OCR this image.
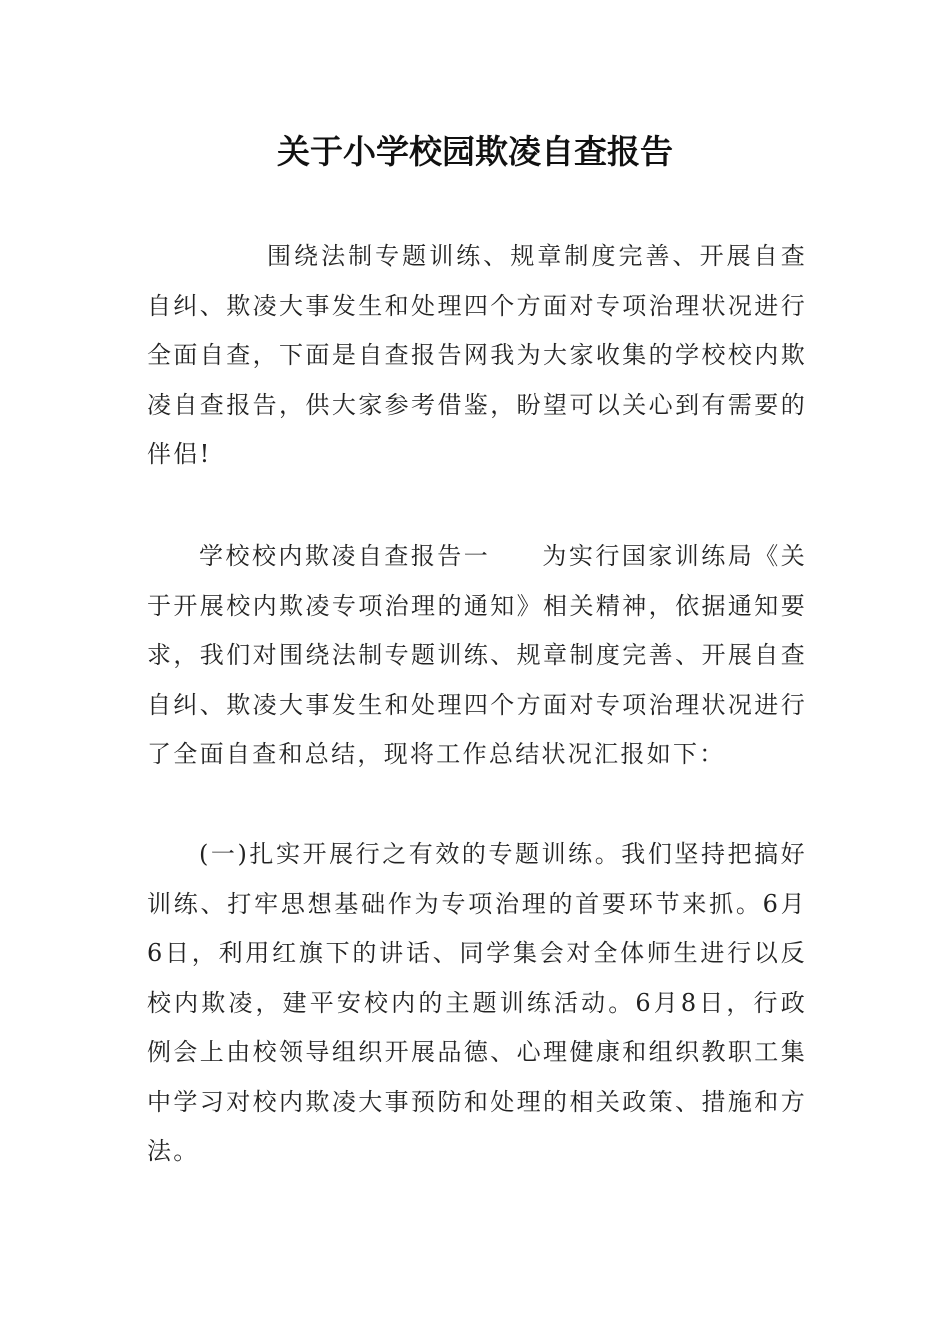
关于小学校园欺凌自查报告

围绕法制专题训练、规章制度完善、开展自查自纠、欺凌大事发生和处理四个方面对专项治理状况进行全面自查，下面是自查报告网我为大家收集的学校校内欺凌自查报告，供大家参考借鉴，盼望可以关心到有需要的伴侣!

学校校内欺凌自查报告一 为实行国家训练局《关于开展校内欺凌专项治理的通知》相关精神，依据通知要求，我们对围绕法制专题训练、规章制度完善、开展自查自纠、欺凌大事发生和处理四个方面对专项治理状况进行了全面自查和总结，现将工作总结状况汇报如下：

(一)扎实开展行之有效的专题训练。我们坚持把搞好训练、打牢思想基础作为专项治理的首要环节来抓。6月6日，利用红旗下的讲话、同学集会对全体师生进行以反校内欺凌，建平安校内的主题训练活动。6月8日，行政例会上由校领导组织开展品德、心理健康和组织教职工集中学习对校内欺凌大事预防和处理的相关政策、措施和方法。
